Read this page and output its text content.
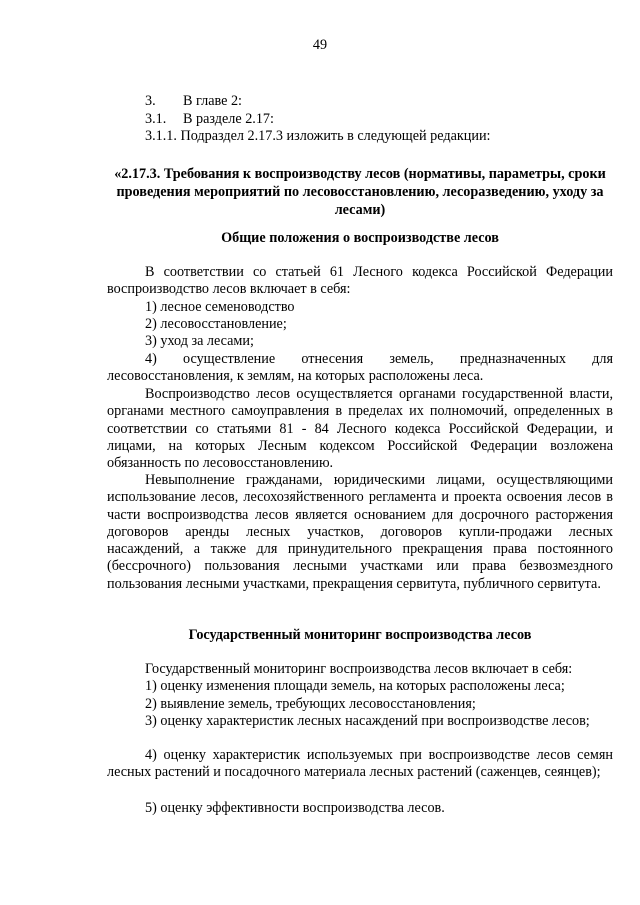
49
3. В главе 2:
3.1. В разделе 2.17:
3.1.1. Подраздел 2.17.3 изложить в следующей редакции:
«2.17.3. Требования к воспроизводству лесов (нормативы, параметры, сроки проведения мероприятий по лесовосстановлению, лесоразведению, уходу за лесами)
Общие положения о воспроизводстве лесов

В соответствии со статьей 61 Лесного кодекса Российской Федерации воспроизводство лесов включает в себя:

1) лесное семеноводство
2) лесовосстановление;
3) уход за лесами;

4) осуществление отнесения земель, предназначенных для лесовосстановления, к землям, на которых расположены леса.

Воспроизводство лесов осуществляется органами государственной власти, органами местного самоуправления в пределах их полномочий, определенных в соответствии со статьями 81 - 84 Лесного кодекса Российской Федерации, и лицами, на которых Лесным кодексом Российской Федерации возложена обязанность по лесовосстановлению.

Невыполнение гражданами, юридическими лицами, осуществляющими использование лесов, лесохозяйственного регламента и проекта освоения лесов в части воспроизводства лесов является основанием для досрочного расторжения договоров аренды лесных участков, договоров купли-продажи лесных насаждений, а также для принудительного прекращения права постоянного (бессрочного) пользования лесными участками или права безвозмездного пользования лесными участками, прекращения сервитута, публичного сервитута.

Государственный мониторинг воспроизводства лесов

Государственный мониторинг воспроизводства лесов включает в себя:

1) оценку изменения площади земель, на которых расположены леса;
2) выявление земель, требующих лесовосстановления;

3) оценку характеристик лесных насаждений при воспроизводстве лесов;

4) оценку характеристик используемых при воспроизводстве лесов семян лесных растений и посадочного материала лесных растений (саженцев, сеянцев);

5) оценку эффективности воспроизводства лесов.
